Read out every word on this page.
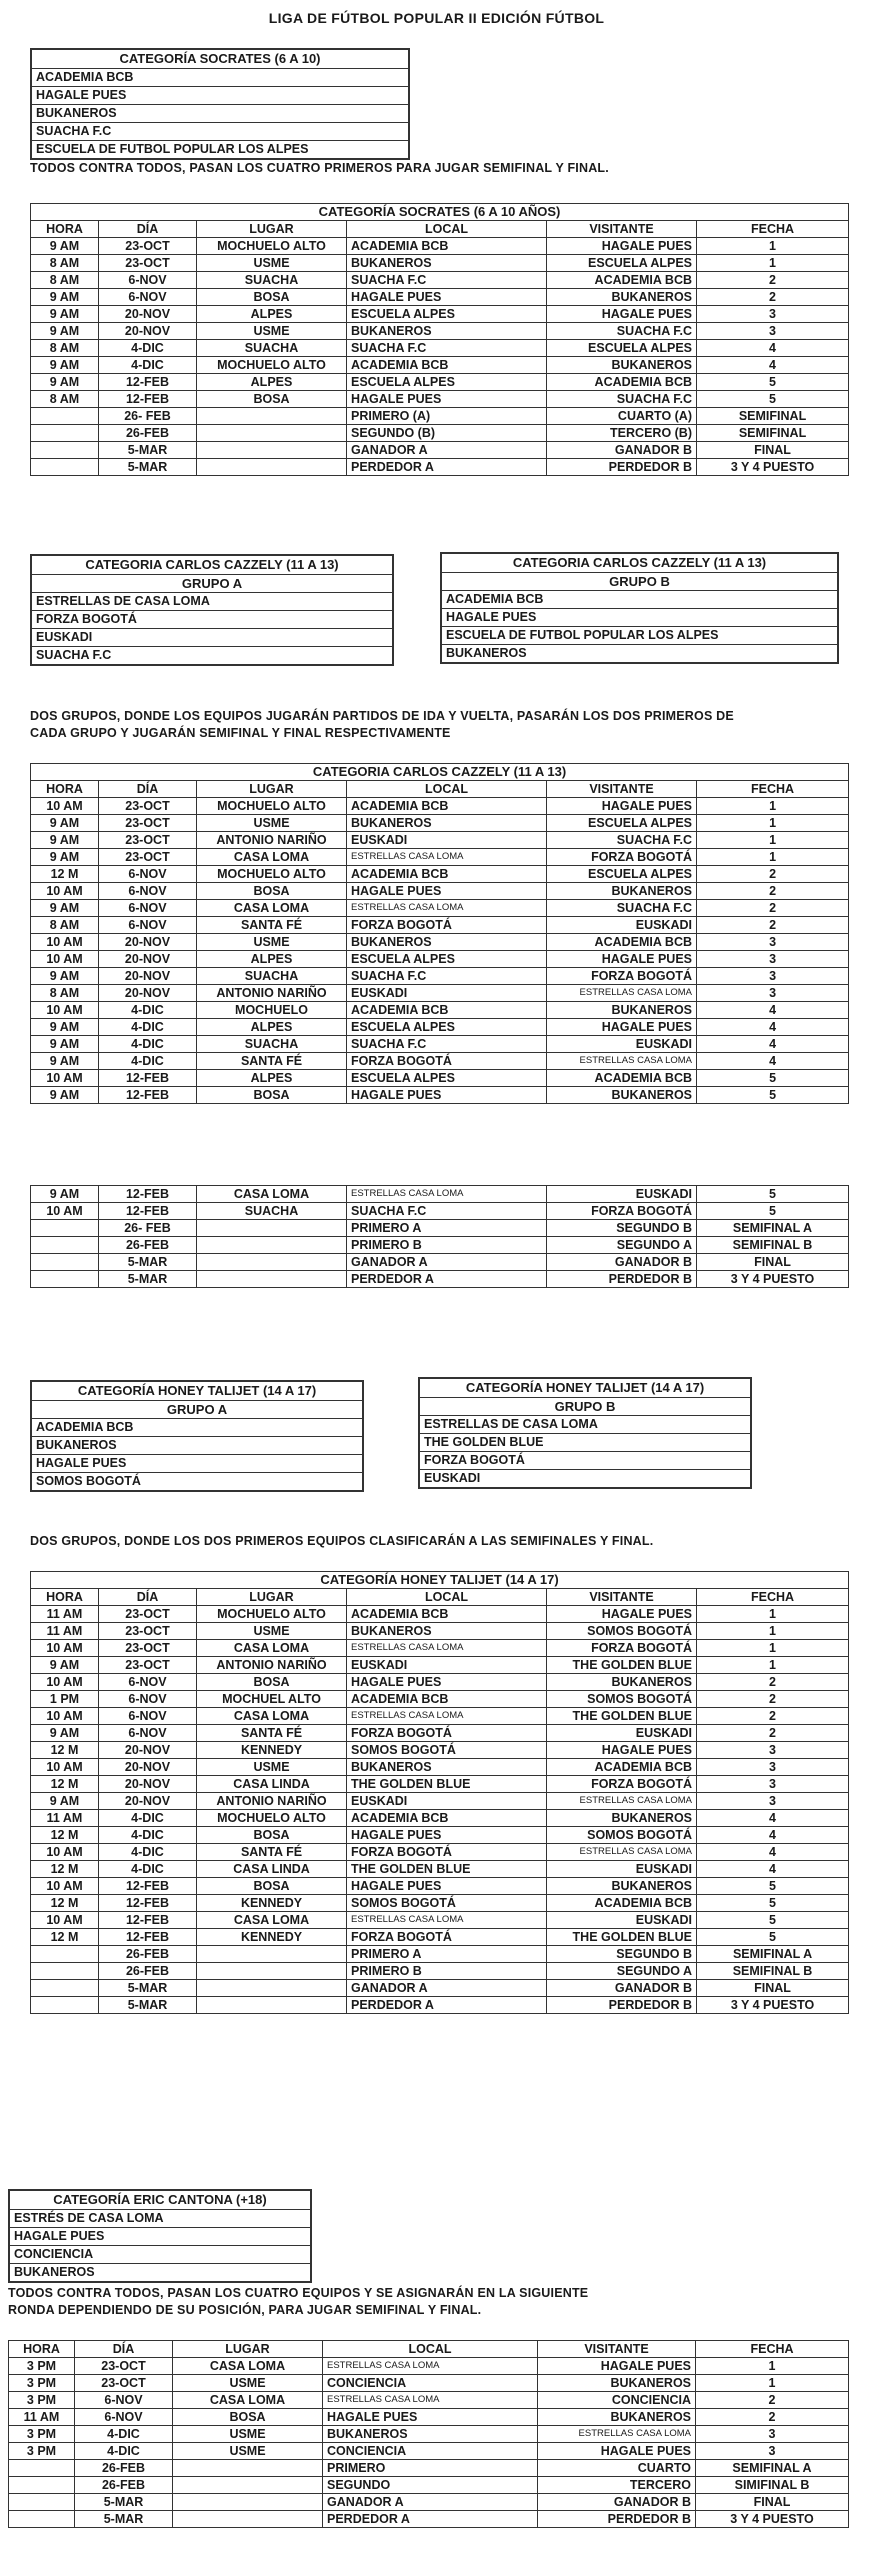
LIGA DE FÚTBOL POPULAR II EDICIÓN FÚTBOL
CATEGORÍA SOCRATES (6 A 10)
ACADEMIA BCB
HAGALE PUES
BUKANEROS
SUACHA F.C
ESCUELA DE FUTBOL POPULAR LOS ALPES
TODOS CONTRA TODOS, PASAN LOS CUATRO PRIMEROS PARA JUGAR SEMIFINAL Y FINAL.
CATEGORÍA SOCRATES (6 A 10 AÑOS)					
HORA	DÍA	LUGAR	LOCAL	VISITANTE	FECHA
9 AM	23-OCT	MOCHUELO ALTO	ACADEMIA BCB	HAGALE PUES	1
8 AM	23-OCT	USME	BUKANEROS	ESCUELA ALPES	1
8 AM	6-NOV	SUACHA	SUACHA F.C	ACADEMIA BCB	2
9 AM	6-NOV	BOSA	HAGALE PUES	BUKANEROS	2
9 AM	20-NOV	ALPES	ESCUELA ALPES	HAGALE PUES	3
9 AM	20-NOV	USME	BUKANEROS	SUACHA F.C	3
8 AM	4-DIC	SUACHA	SUACHA F.C	ESCUELA ALPES	4
9 AM	4-DIC	MOCHUELO ALTO	ACADEMIA BCB	BUKANEROS	4
9 AM	12-FEB	ALPES	ESCUELA ALPES	ACADEMIA BCB	5
8 AM	12-FEB	BOSA	HAGALE PUES	SUACHA F.C	5
	26- FEB		PRIMERO (A)	CUARTO (A)	SEMIFINAL
	26-FEB		SEGUNDO (B)	TERCERO (B)	SEMIFINAL
	5-MAR		GANADOR A	GANADOR B	FINAL
	5-MAR		PERDEDOR A	PERDEDOR B	3 Y 4 PUESTO
CATEGORIA CARLOS CAZZELY (11 A 13)
GRUPO A
ESTRELLAS DE CASA LOMA
FORZA BOGOTÁ
EUSKADI
SUACHA F.C
CATEGORIA CARLOS CAZZELY (11 A 13)
GRUPO B
ACADEMIA BCB
HAGALE PUES
ESCUELA DE FUTBOL POPULAR LOS ALPES
BUKANEROS
DOS GRUPOS, DONDE LOS EQUIPOS JUGARÁN PARTIDOS DE IDA Y VUELTA, PASARÁN LOS DOS PRIMEROS DE
CADA GRUPO Y JUGARÁN SEMIFINAL Y FINAL RESPECTIVAMENTE
CATEGORIA CARLOS CAZZELY (11 A 13)					
HORA	DÍA	LUGAR	LOCAL	VISITANTE	FECHA
10 AM	23-OCT	MOCHUELO ALTO	ACADEMIA BCB	HAGALE PUES	1
9 AM	23-OCT	USME	BUKANEROS	ESCUELA ALPES	1
9 AM	23-OCT	ANTONIO NARIÑO	EUSKADI	SUACHA F.C	1
9 AM	23-OCT	CASA LOMA	ESTRELLAS CASA LOMA	FORZA BOGOTÁ	1
12 M	6-NOV	MOCHUELO ALTO	ACADEMIA BCB	ESCUELA ALPES	2
10 AM	6-NOV	BOSA	HAGALE PUES	BUKANEROS	2
9 AM	6-NOV	CASA LOMA	ESTRELLAS CASA LOMA	SUACHA F.C	2
8 AM	6-NOV	SANTA FÉ	FORZA BOGOTÁ	EUSKADI	2
10 AM	20-NOV	USME	BUKANEROS	ACADEMIA BCB	3
10 AM	20-NOV	ALPES	ESCUELA ALPES	HAGALE PUES	3
9 AM	20-NOV	SUACHA	SUACHA F.C	FORZA BOGOTÁ	3
8 AM	20-NOV	ANTONIO NARIÑO	EUSKADI	ESTRELLAS CASA LOMA	3
10 AM	4-DIC	MOCHUELO	ACADEMIA BCB	BUKANEROS	4
9 AM	4-DIC	ALPES	ESCUELA ALPES	HAGALE PUES	4
9 AM	4-DIC	SUACHA	SUACHA F.C	EUSKADI	4
9 AM	4-DIC	SANTA FÉ	FORZA BOGOTÁ	ESTRELLAS CASA LOMA	4
10 AM	12-FEB	ALPES	ESCUELA ALPES	ACADEMIA BCB	5
9 AM	12-FEB	BOSA	HAGALE PUES	BUKANEROS	5
9 AM	12-FEB	CASA LOMA	ESTRELLAS CASA LOMA	EUSKADI	5
10 AM	12-FEB	SUACHA	SUACHA F.C	FORZA BOGOTÁ	5
	26- FEB		PRIMERO A	SEGUNDO B	SEMIFINAL A
	26-FEB		PRIMERO B	SEGUNDO A	SEMIFINAL B
	5-MAR		GANADOR A	GANADOR B	FINAL
	5-MAR		PERDEDOR A	PERDEDOR B	3 Y 4 PUESTO
CATEGORÍA HONEY TALIJET (14 A 17)
GRUPO A
ACADEMIA BCB
BUKANEROS
HAGALE PUES
SOMOS BOGOTÁ
CATEGORÍA HONEY TALIJET (14 A 17)
GRUPO B
ESTRELLAS DE CASA LOMA
THE GOLDEN BLUE
FORZA BOGOTÁ
EUSKADI
DOS GRUPOS, DONDE LOS DOS PRIMEROS EQUIPOS CLASIFICARÁN A LAS SEMIFINALES Y FINAL.
CATEGORÍA HONEY TALIJET (14 A 17)					
HORA	DÍA	LUGAR	LOCAL	VISITANTE	FECHA
11 AM	23-OCT	MOCHUELO ALTO	ACADEMIA BCB	HAGALE PUES	1
11 AM	23-OCT	USME	BUKANEROS	SOMOS BOGOTÁ	1
10 AM	23-OCT	CASA LOMA	ESTRELLAS CASA LOMA	FORZA BOGOTÁ	1
9 AM	23-OCT	ANTONIO NARIÑO	EUSKADI	THE GOLDEN BLUE	1
10 AM	6-NOV	BOSA	HAGALE PUES	BUKANEROS	2
1 PM	6-NOV	MOCHUEL ALTO	ACADEMIA BCB	SOMOS BOGOTÁ	2
10 AM	6-NOV	CASA LOMA	ESTRELLAS CASA LOMA	THE GOLDEN BLUE	2
9 AM	6-NOV	SANTA FÉ	FORZA BOGOTÁ	EUSKADI	2
12 M	20-NOV	KENNEDY	SOMOS BOGOTÁ	HAGALE PUES	3
10 AM	20-NOV	USME	BUKANEROS	ACADEMIA BCB	3
12 M	20-NOV	CASA LINDA	THE GOLDEN BLUE	FORZA BOGOTÁ	3
9 AM	20-NOV	ANTONIO NARIÑO	EUSKADI	ESTRELLAS CASA LOMA	3
11 AM	4-DIC	MOCHUELO ALTO	ACADEMIA BCB	BUKANEROS	4
12 M	4-DIC	BOSA	HAGALE PUES	SOMOS BOGOTÁ	4
10 AM	4-DIC	SANTA FÉ	FORZA BOGOTÁ	ESTRELLAS CASA LOMA	4
12 M	4-DIC	CASA LINDA	THE GOLDEN BLUE	EUSKADI	4
10 AM	12-FEB	BOSA	HAGALE PUES	BUKANEROS	5
12 M	12-FEB	KENNEDY	SOMOS BOGOTÁ	ACADEMIA BCB	5
10 AM	12-FEB	CASA LOMA	ESTRELLAS CASA LOMA	EUSKADI	5
12 M	12-FEB	KENNEDY	FORZA BOGOTÁ	THE GOLDEN BLUE	5
	26-FEB		PRIMERO A	SEGUNDO B	SEMIFINAL A
	26-FEB		PRIMERO B	SEGUNDO A	SEMIFINAL B
	5-MAR		GANADOR A	GANADOR B	FINAL
	5-MAR		PERDEDOR A	PERDEDOR B	3 Y 4 PUESTO
CATEGORÍA ERIC CANTONA (+18)
ESTRÉS DE CASA LOMA
HAGALE PUES
CONCIENCIA
BUKANEROS
TODOS CONTRA TODOS, PASAN LOS CUATRO EQUIPOS Y SE ASIGNARÁN EN LA SIGUIENTE
RONDA DEPENDIENDO DE SU POSICIÓN, PARA JUGAR SEMIFINAL Y FINAL.
HORA	DÍA	LUGAR	LOCAL	VISITANTE	FECHA
3 PM	23-OCT	CASA LOMA	ESTRELLAS CASA LOMA	HAGALE PUES	1
3 PM	23-OCT	USME	CONCIENCIA	BUKANEROS	1
3 PM	6-NOV	CASA LOMA	ESTRELLAS CASA LOMA	CONCIENCIA	2
11 AM	6-NOV	BOSA	HAGALE PUES	BUKANEROS	2
3 PM	4-DIC	USME	BUKANEROS	ESTRELLAS CASA LOMA	3
3 PM	4-DIC	USME	CONCIENCIA	HAGALE PUES	3
	26-FEB		PRIMERO	CUARTO	SEMIFINAL A
	26-FEB		SEGUNDO	TERCERO	SIMIFINAL B
	5-MAR		GANADOR A	GANADOR B	FINAL
	5-MAR		PERDEDOR A	PERDEDOR B	3 Y 4 PUESTO
